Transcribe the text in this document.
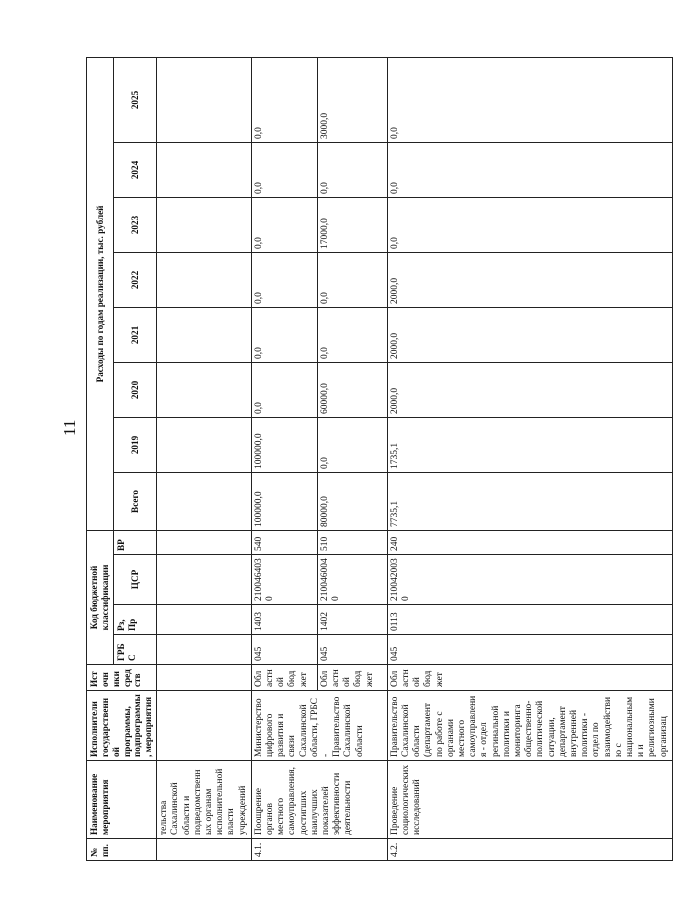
11
№ пп.	Наименование мероприятия	Исполнители государственной программы, подпрограммы, мероприятия	Источники средств	Код бюджетной классификации				Расходы по годам реализации, тыс. рублей							
				ГРБС	Рз, Пр	ЦСР	ВР	Всего	2019	2020	2021	2022	2023	2024	2025
	тельства Сахалинской области и подведомственных органам исполнительной власти учреждений														
4.1.	Поощрение органов местного самоуправления, достигших наилучших показателей эффективности деятельности	Министерство цифрового развития и связи Сахалинской области, ГРБС - Правительство Сахалинской области	Областной бюджет	045	1403	2100464030	540	100000,0	100000,0	0,0	0,0	0,0	0,0	0,0	0,0
			Областной бюджет	045	1402	2100460040	510	80000,0	0,0	60000,0	0,0	0,0	17000,0	0,0	3000,0
4.2.	Проведение социологических исследований	Правительство Сахалинской области (департамент по работе с органами местного самоуправления - отдел регинальной политики и мониторинга общественно-политической ситуации, департамент внутренней политики - отдел по взаимодействию с национальными и религиозными организац	Областной бюджет	045	0113	2100420030	240	7735,1	1735,1	2000,0	2000,0	2000,0	0,0	0,0	0,0
